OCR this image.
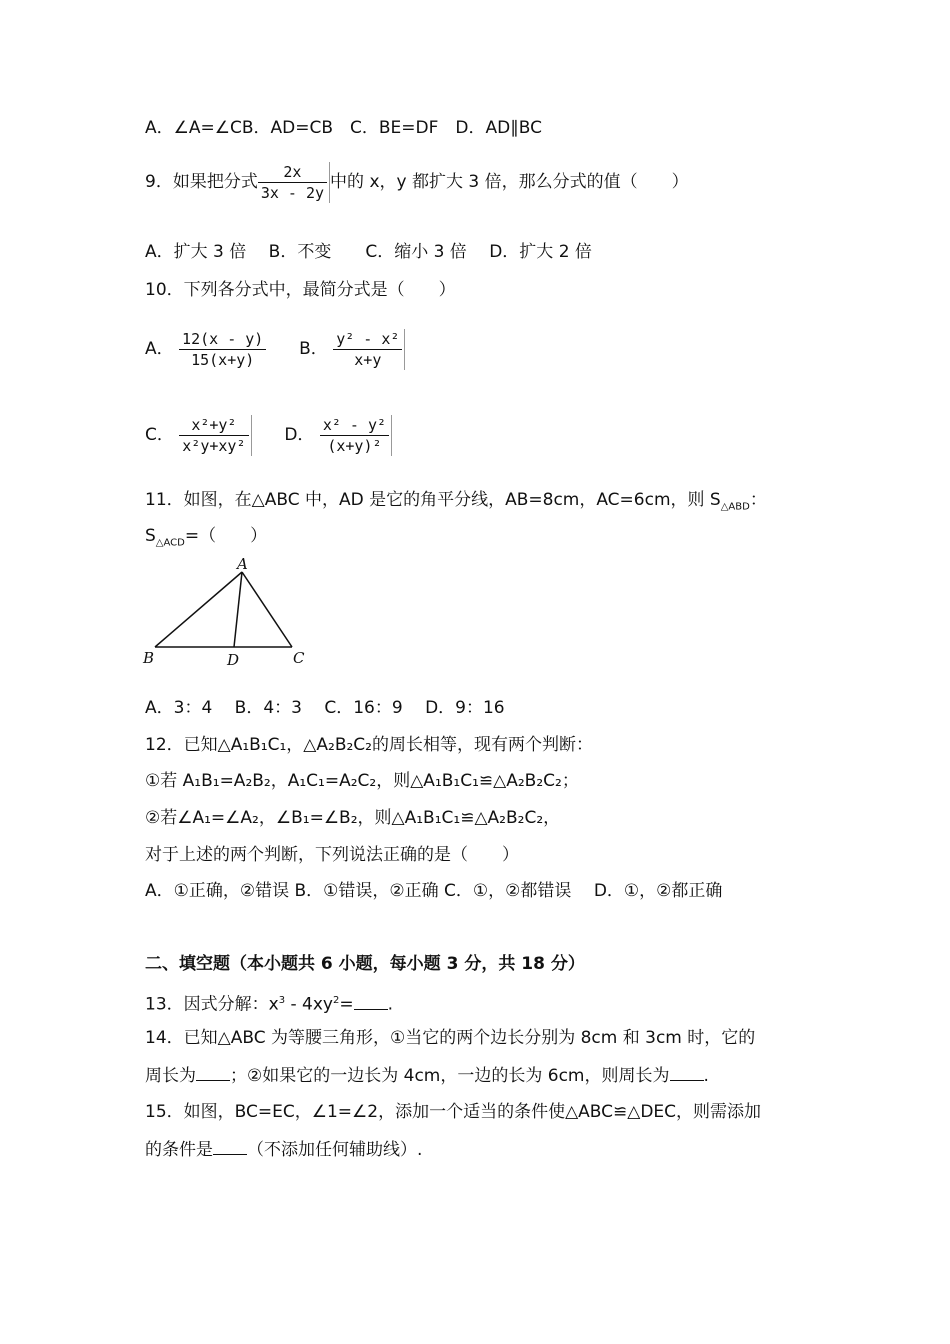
A．∠A=∠CB．AD=CB　C．BE=DF　D．AD∥BC
9．如果把分式 $\frac{2x}{3x - 2y}$ 中的 x，y 都扩大 3 倍，那么分式的值（　　）
A．扩大 3 倍　 B．不变　　C．缩小 3 倍　 D．扩大 2 倍
10．下列各分式中，最简分式是（　　）
A． $\frac{12(x - y)}{15(x+y)}$ B． $\frac{\text{y² - x²}}{x+y}$
C． $\frac{\text{x²+y²}}{\text{x²y+xy²}}$ D． $\frac{\text{x² - y²}}{\text{(x+y)²}}$
11．如图，在△ABC 中，AD 是它的角平分线，AB=8cm，AC=6cm，则 $S_{\triangle ABD}$：
$S_{\triangle ACD}=$（　　）
A
B	C
D
A．3：4　 B．4：3　 C．16：9　 D．9：16
12．已知△A₁B₁C₁，△A₂B₂C₂的周长相等，现有两个判断：
①若 A₁B₁=A₂B₂，A₁C₁=A₂C₂，则△A₁B₁C₁≌△A₂B₂C₂；
②若∠A₁=∠A₂，∠B₁=∠B₂，则△A₁B₁C₁≌△A₂B₂C₂，
对于上述的两个判断，下列说法正确的是（　　）
A．①正确，②错误 B．①错误，②正确 C．①，②都错误　 D．①，②都正确
二、填空题（本小题共 6 小题，每小题 3 分，共 18 分）
13．因式分解：$x^3 - 4xy^2=$ .
14．已知△ABC 为等腰三角形，①当它的两个边长分别为 8cm 和 3cm 时，它的
周长为 ；②如果它的一边长为 4cm，一边的长为 6cm，则周长为 .
15．如图，BC=EC，∠1=∠2，添加一个适当的条件使△ABC≌△DEC，则需添加
的条件是 （不添加任何辅助线）.
